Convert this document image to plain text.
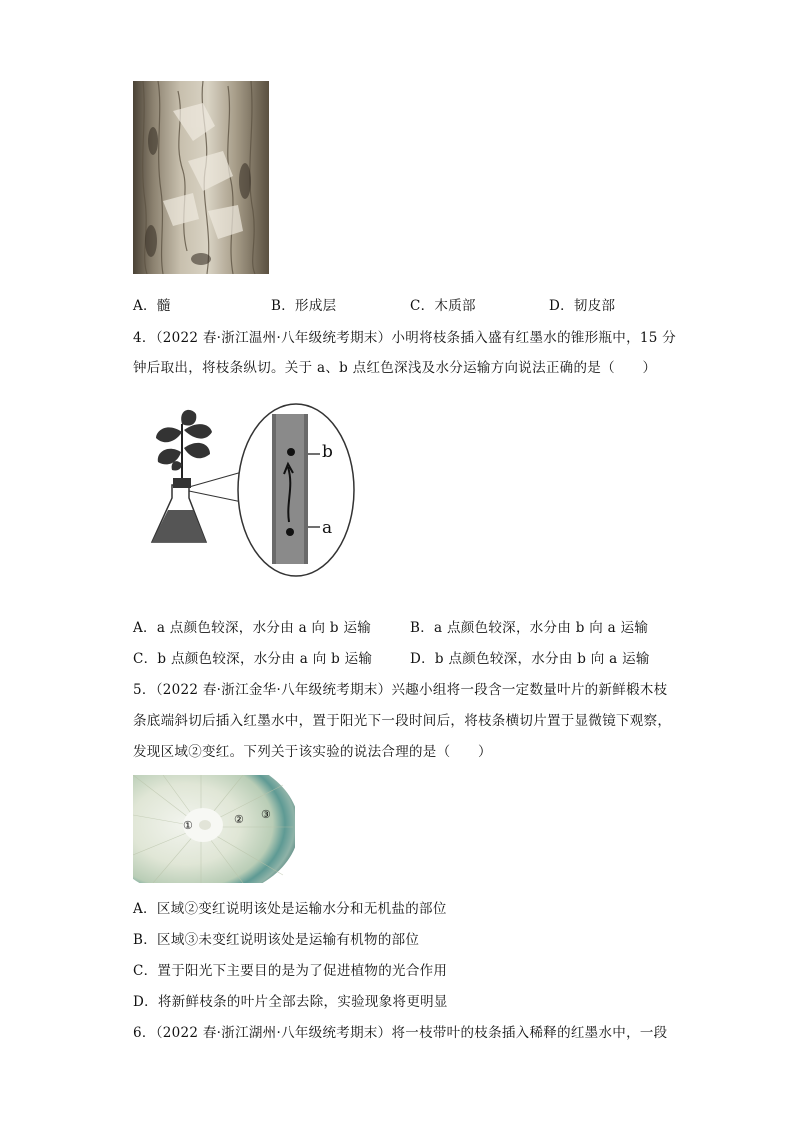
A．髓	B．形成层	C．木质部	D．韧皮部
4．（2022 春·浙江温州·八年级统考期末）小明将枝条插入盛有红墨水的锥形瓶中，15 分
钟后取出，将枝条纵切。关于 a、b 点红色深浅及水分运输方向说法正确的是（　　）
b
a
A．a 点颜色较深，水分由 a 向 b 运输	B．a 点颜色较深，水分由 b 向 a 运输
C．b 点颜色较深，水分由 a 向 b 运输	D．b 点颜色较深，水分由 b 向 a 运输
5．（2022 春·浙江金华·八年级统考期末）兴趣小组将一段含一定数量叶片的新鲜椴木枝
条底端斜切后插入红墨水中，置于阳光下一段时间后，将枝条横切片置于显微镜下观察，
发现区域②变红。下列关于该实验的说法合理的是（　　）
①	② ③
A．区域②变红说明该处是运输水分和无机盐的部位
B．区域③未变红说明该处是运输有机物的部位
C．置于阳光下主要目的是为了促进植物的光合作用
D．将新鲜枝条的叶片全部去除，实验现象将更明显
6．（2022 春·浙江湖州·八年级统考期末）将一枝带叶的枝条插入稀释的红墨水中，一段
